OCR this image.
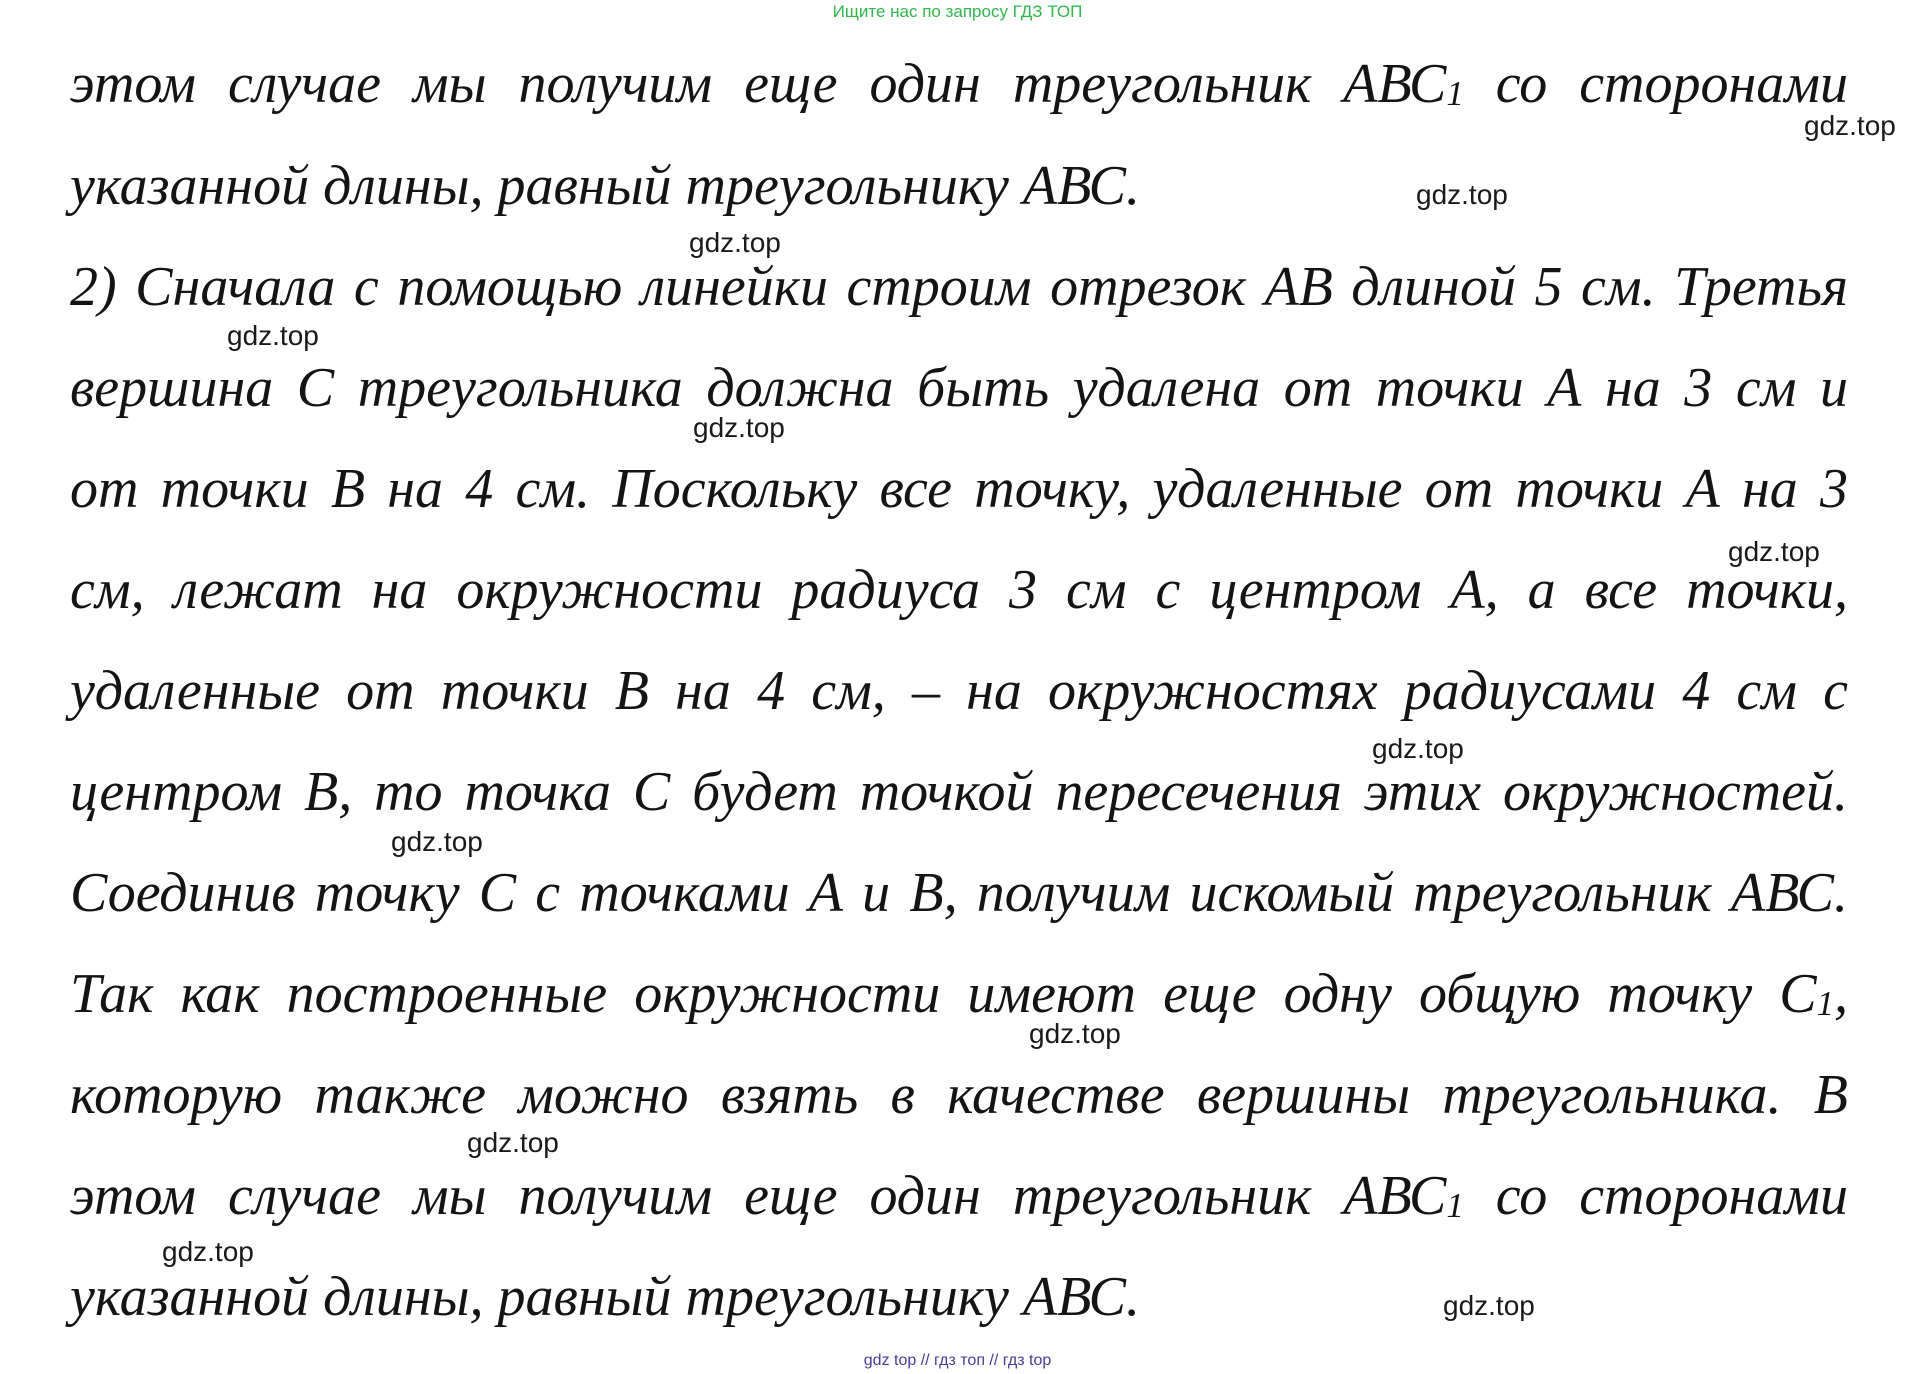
Ищите нас по запросу ГДЗ ТОП
этом случае мы получим еще один треугольник АВС1 со сторонами
указанной длины, равный треугольнику АВС.
2) Сначала с помощью линейки строим отрезок АВ длиной 5 см. Третья
вершина С треугольника должна быть удалена от точки А на 3 см и
от точки В на 4 см. Поскольку все точку, удаленные от точки А на 3
см, лежат на окружности радиуса 3 см с центром А, а все точки,
удаленные от точки В на 4 см, – на окружностях радиусами 4 см с
центром В, то точка С будет точкой пересечения этих окружностей.
Соединив точку С с точками А и В, получим искомый треугольник АВС.
Так как построенные окружности имеют еще одну общую точку С1,
которую также можно взять в качестве вершины треугольника. В
этом случае мы получим еще один треугольник АВС1 со сторонами
указанной длины, равный треугольнику АВС.
gdz.top
gdz.top
gdz.top
gdz.top
gdz.top
gdz.top
gdz.top
gdz.top
gdz.top
gdz.top
gdz.top
gdz.top
gdz top // гдз топ // гдз top
